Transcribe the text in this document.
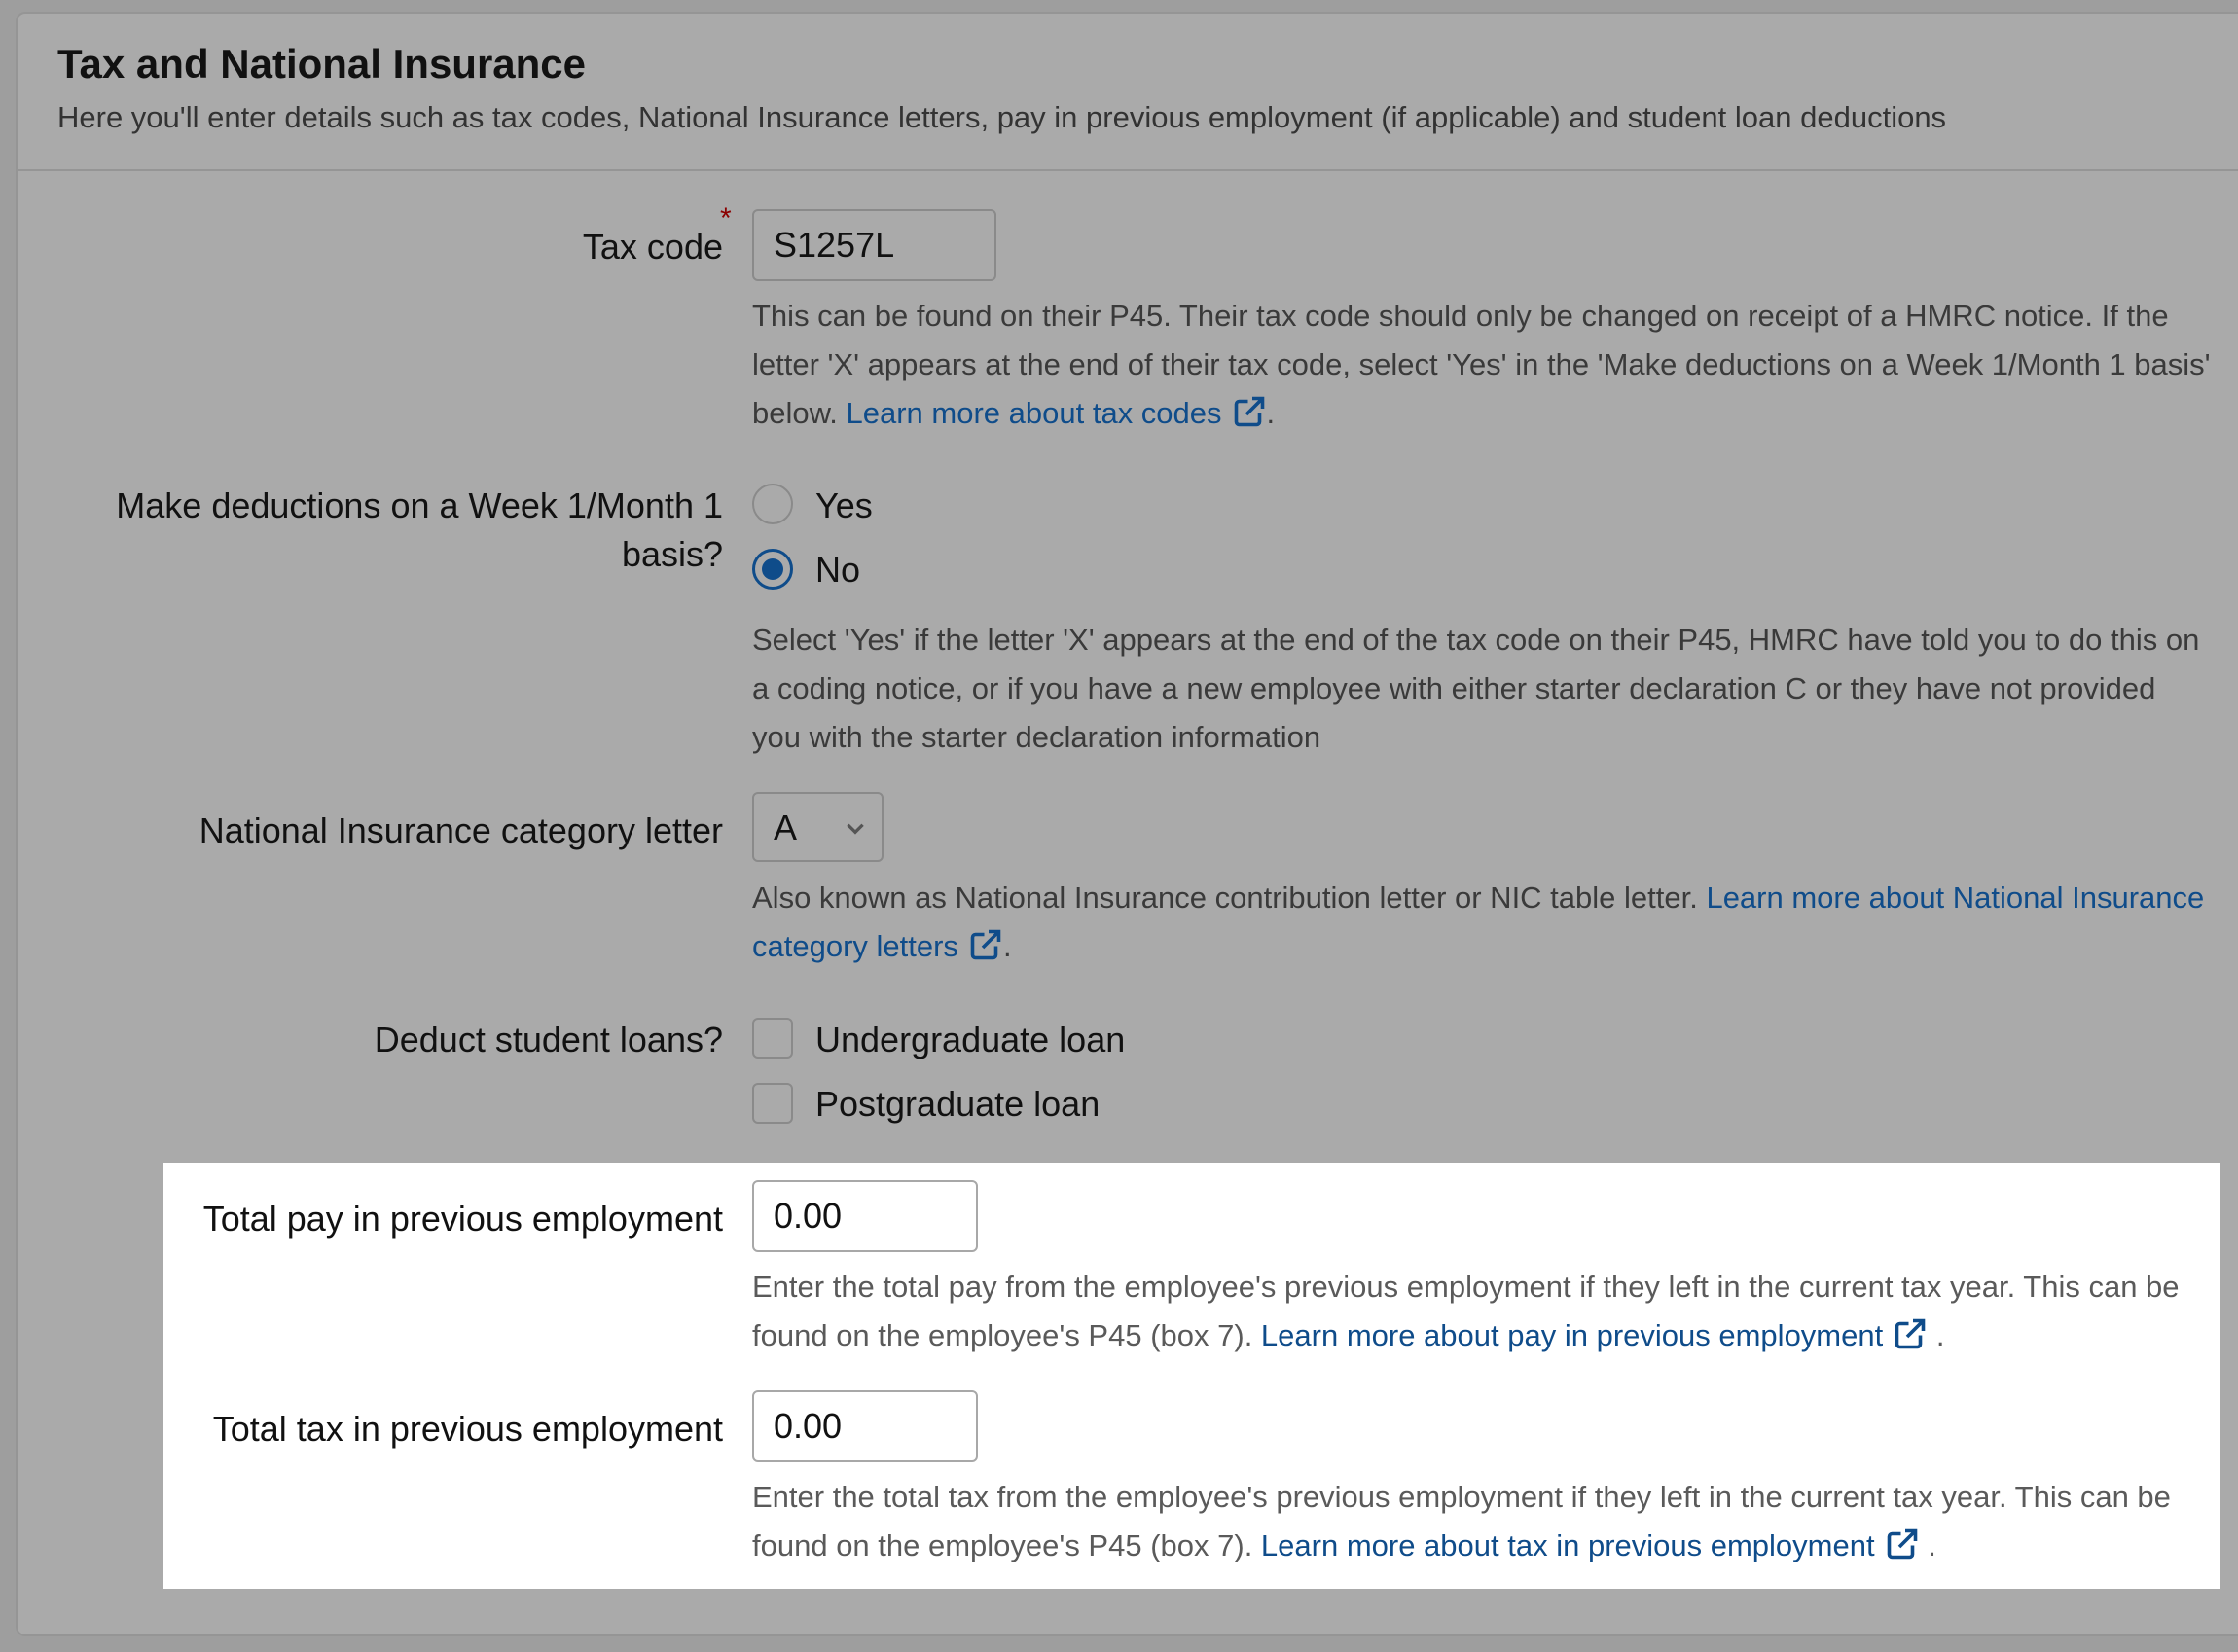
Tax and National Insurance
Here you'll enter details such as tax codes, National Insurance letters, pay in previous employment (if applicable) and student loan deductions
Tax code
*
S1257L
This can be found on their P45. Their tax code should only be changed on receipt of a HMRC notice. If the letter 'X' appears at the end of their tax code, select 'Yes' in the 'Make deductions on a Week 1/Month 1 basis' below. Learn more about tax codes .
Make deductions on a Week 1/Month 1 basis?
Yes
No
Select 'Yes' if the letter 'X' appears at the end of the tax code on their P45, HMRC have told you to do this on a coding notice, or if you have a new employee with either starter declaration C or they have not provided you with the starter declaration information
National Insurance category letter A
Also known as National Insurance contribution letter or NIC table letter. Learn more about National Insurance category letters .
Deduct student loans?	Undergraduate loan
Postgraduate loan
Total pay in previous employment
0.00
Enter the total pay from the employee's previous employment if they left in the current tax year. This can be found on the employee's P45 (box 7). Learn more about pay in previous employment .
Total tax in previous employment
0.00
Enter the total tax from the employee's previous employment if they left in the current tax year. This can be found on the employee's P45 (box 7). Learn more about tax in previous employment .
